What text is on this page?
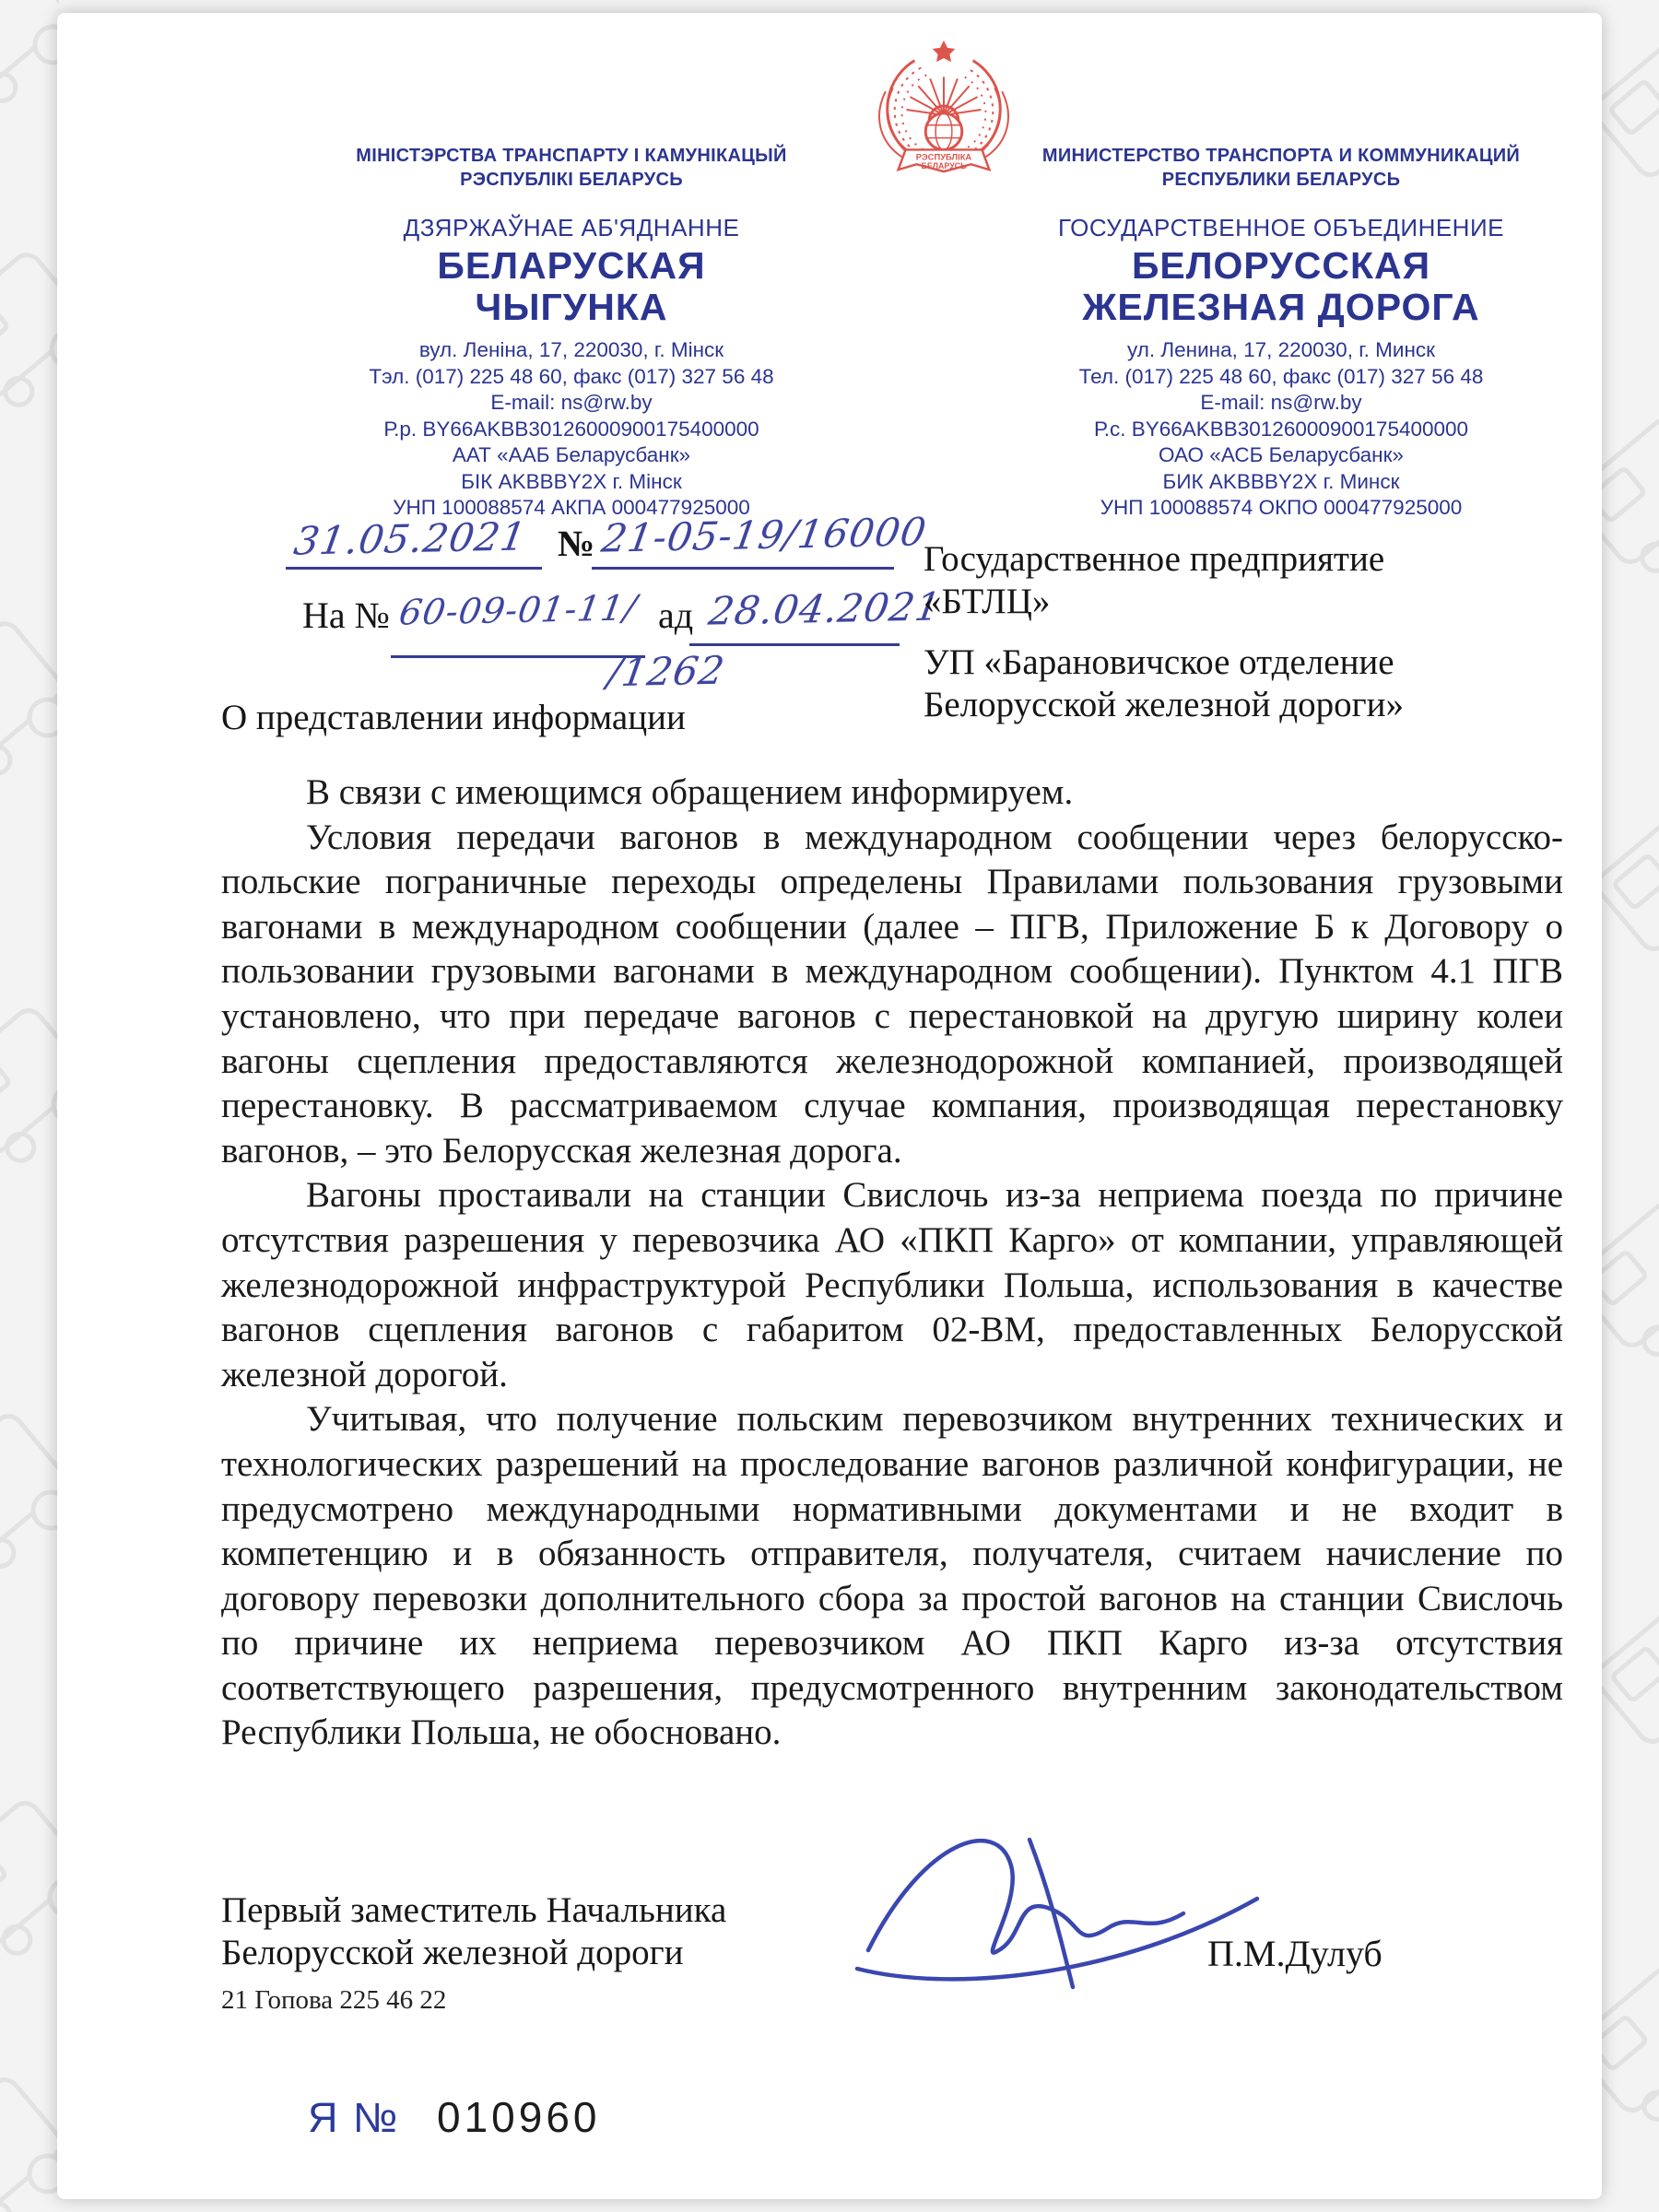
РЭСПУБЛІКА
БЕЛАРУСЬ
МІНІСТЭРСТВА ТРАНСПАРТУ І КАМУНІКАЦЫЙ
РЭСПУБЛІКІ БЕЛАРУСЬ
ДЗЯРЖАЎНАЕ АБ'ЯДНАННЕ
БЕЛАРУСКАЯ
ЧЫГУНКА
вул. Леніна, 17, 220030, г. Мінск
Тэл. (017) 225 48 60, факс (017) 327 56 48
E-mail: ns@rw.by
Р.р. BY66AKBB30126000900175400000
ААТ «ААБ Беларусбанк»
БІК AKBBBY2X г. Мінск
УНП 100088574 АКПА 000477925000
МИНИСТЕРСТВО ТРАНСПОРТА И КОММУНИКАЦИЙ
РЕСПУБЛИКИ БЕЛАРУСЬ
ГОСУДАРСТВЕННОЕ ОБЪЕДИНЕНИЕ
БЕЛОРУССКАЯ
ЖЕЛЕЗНАЯ ДОРОГА
ул. Ленина, 17, 220030, г. Минск
Тел. (017) 225 48 60, факс (017) 327 56 48
E-mail: ns@rw.by
Р.с. BY66AKBB30126000900175400000
ОАО «АСБ Беларусбанк»
БИК AKBBBY2X г. Минск
УНП 100088574 ОКПО 000477925000
31.05.2021 № 21-05-19/16000
На № 60-09-01-11/ ад 28.04.2021
/1262
О представлении информации
Государственное предприятие
«БТЛЦ»
УП «Барановичское отделение
Белорусской железной дороги»

В связи с имеющимся обращением информируем.

Условия передачи вагонов в международном сообщении через белорусско-польские пограничные переходы определены Правилами пользования грузовыми вагонами в международном сообщении (далее – ПГВ, Приложение Б к Договору о пользовании грузовыми вагонами в международном сообщении). Пунктом 4.1 ПГВ установлено, что при передаче вагонов с перестановкой на другую ширину колеи вагоны сцепления предоставляются железнодорожной компанией, производящей перестановку. В рассматриваемом случае компания, производящая перестановку вагонов, – это Белорусская железная дорога.

Вагоны простаивали на станции Свислочь из-за неприема поезда по причине отсутствия разрешения у перевозчика АО «ПКП Карго» от компании, управляющей железнодорожной инфраструктурой Республики Польша, использования в качестве вагонов сцепления вагонов с габаритом 02-ВМ, предоставленных Белорусской железной дорогой.

Учитывая, что получение польским перевозчиком внутренних технических и технологических разрешений на проследование вагонов различной конфигурации, не предусмотрено международными нормативными документами и не входит в компетенцию и в обязанность отправителя, получателя, считаем начисление по договору перевозки дополнительного сбора за простой вагонов на станции Свислочь по причине их неприема перевозчиком АО ПКП Карго из-за отсутствия соответствующего разрешения, предусмотренного внутренним законодательством Республики Польша, не обосновано.

Первый заместитель Начальника
Белорусской железной дороги
21 Гопова 225 46 22
П.М.Дулуб
Я № 010960
